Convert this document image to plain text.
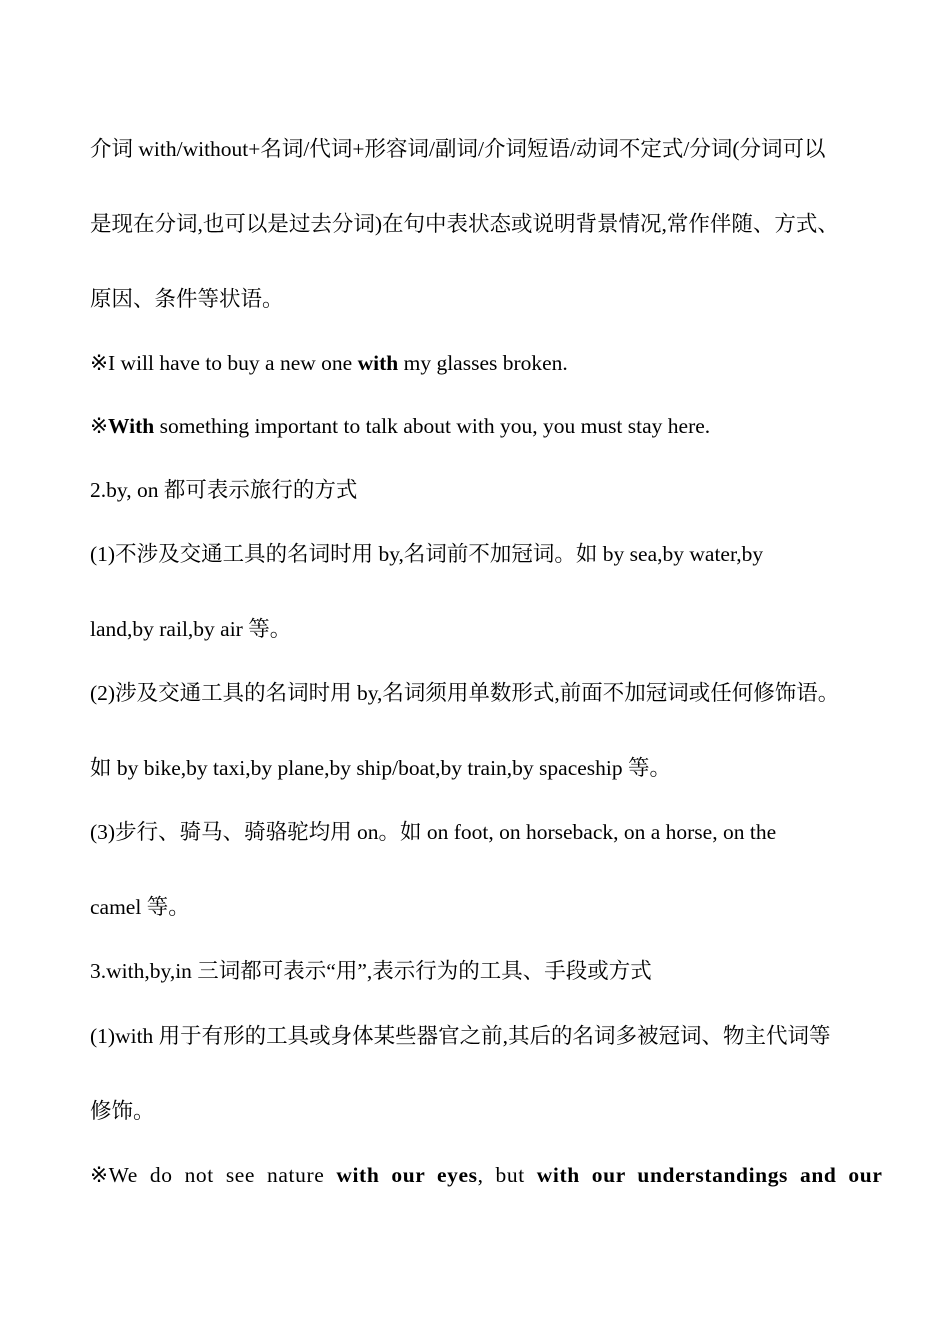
介词 with/without+名词/代词+形容词/副词/介词短语/动词不定式/分词(分词可以
是现在分词,也可以是过去分词)在句中表状态或说明背景情况,常作伴随、方式、
原因、条件等状语。
※I will have to buy a new one with my glasses broken.
※With something important to talk about with you, you must stay here.
2.by, on 都可表示旅行的方式
(1)不涉及交通工具的名词时用 by,名词前不加冠词。如 by sea,by water,by
land,by rail,by air 等。
(2)涉及交通工具的名词时用 by,名词须用单数形式,前面不加冠词或任何修饰语。
如 by bike,by taxi,by plane,by ship/boat,by train,by spaceship 等。
(3)步行、骑马、骑骆驼均用 on。如 on foot, on horseback, on a horse, on the
camel 等。
3.with,by,in 三词都可表示“用”,表示行为的工具、手段或方式
(1)with 用于有形的工具或身体某些器官之前,其后的名词多被冠词、物主代词等
修饰。
※We do not see nature with our eyes, but with our understandings and our
